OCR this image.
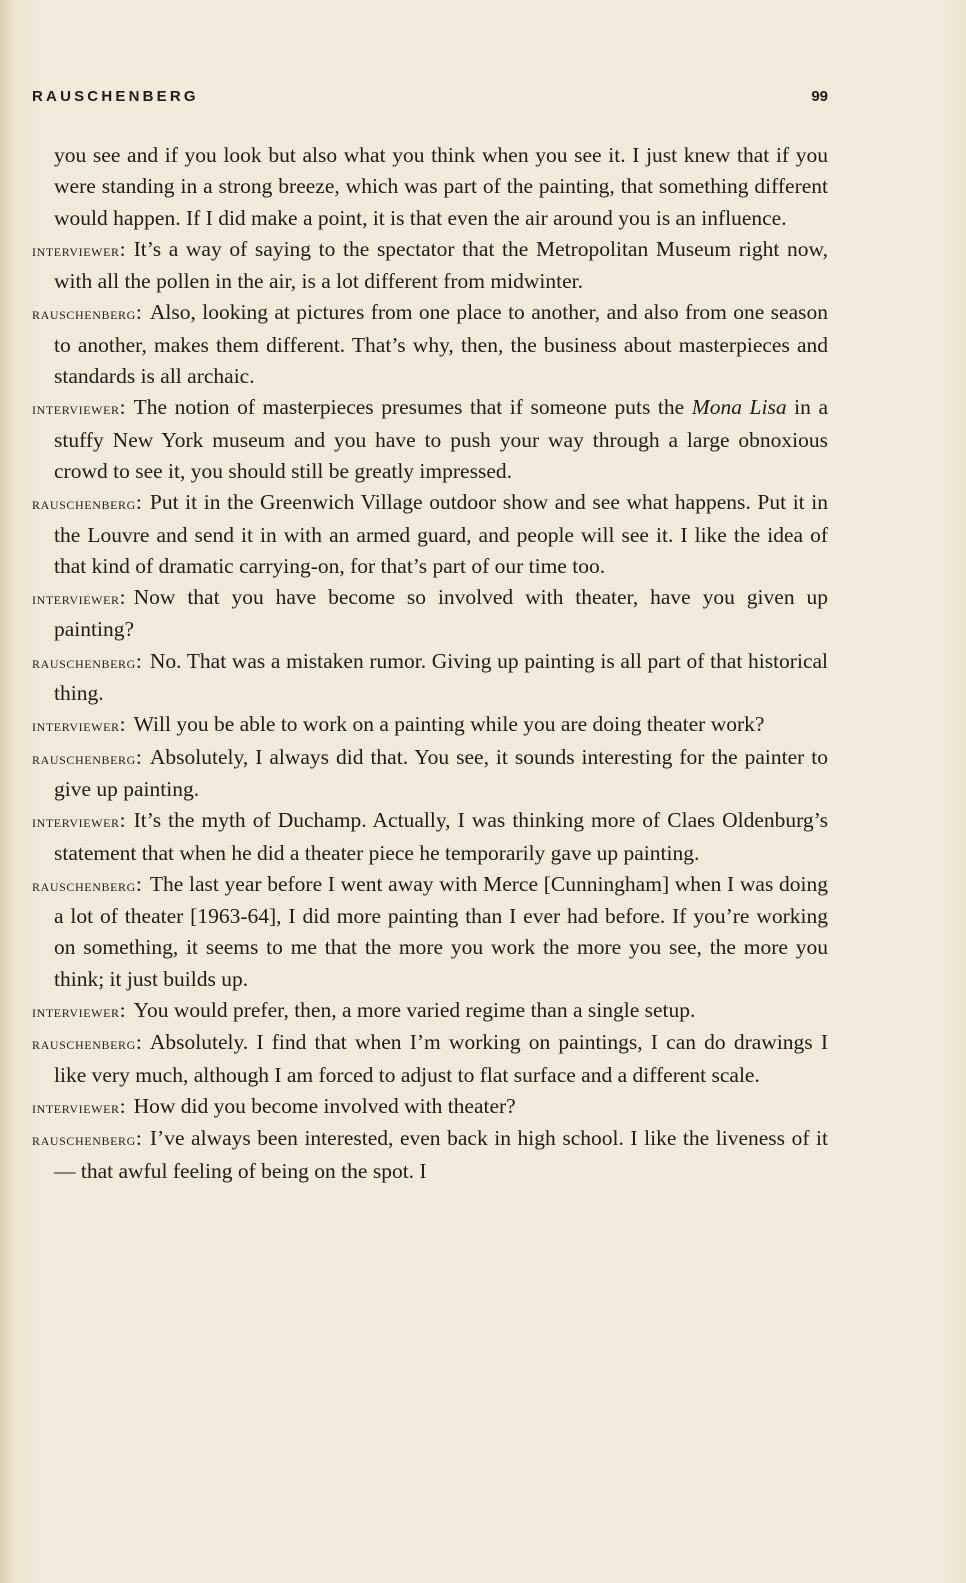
RAUSCHENBERG	99

you see and if you look but also what you think when you see it. I just knew that if you were standing in a strong breeze, which was part of the painting, that something different would happen. If I did make a point, it is that even the air around you is an influence.

interviewer: It’s a way of saying to the spectator that the Metropolitan Museum right now, with all the pollen in the air, is a lot different from midwinter.

rauschenberg: Also, looking at pictures from one place to another, and also from one season to another, makes them different. That’s why, then, the business about masterpieces and standards is all archaic.

interviewer: The notion of masterpieces presumes that if someone puts the Mona Lisa in a stuffy New York museum and you have to push your way through a large obnoxious crowd to see it, you should still be greatly impressed.

rauschenberg: Put it in the Greenwich Village outdoor show and see what happens. Put it in the Louvre and send it in with an armed guard, and people will see it. I like the idea of that kind of dramatic carrying-on, for that’s part of our time too.

interviewer: Now that you have become so involved with theater, have you given up painting?

rauschenberg: No. That was a mistaken rumor. Giving up painting is all part of that historical thing.

interviewer: Will you be able to work on a painting while you are doing theater work?

rauschenberg: Absolutely, I always did that. You see, it sounds interesting for the painter to give up painting.

interviewer: It’s the myth of Duchamp. Actually, I was thinking more of Claes Oldenburg’s statement that when he did a theater piece he temporarily gave up painting.

rauschenberg: The last year before I went away with Merce [Cunningham] when I was doing a lot of theater [1963-64], I did more painting than I ever had before. If you’re working on something, it seems to me that the more you work the more you see, the more you think; it just builds up.

interviewer: You would prefer, then, a more varied regime than a single setup.

rauschenberg: Absolutely. I find that when I’m working on paintings, I can do drawings I like very much, although I am forced to adjust to flat surface and a different scale.

interviewer: How did you become involved with theater?

rauschenberg: I’ve always been interested, even back in high school. I like the liveness of it — that awful feeling of being on the spot. I
